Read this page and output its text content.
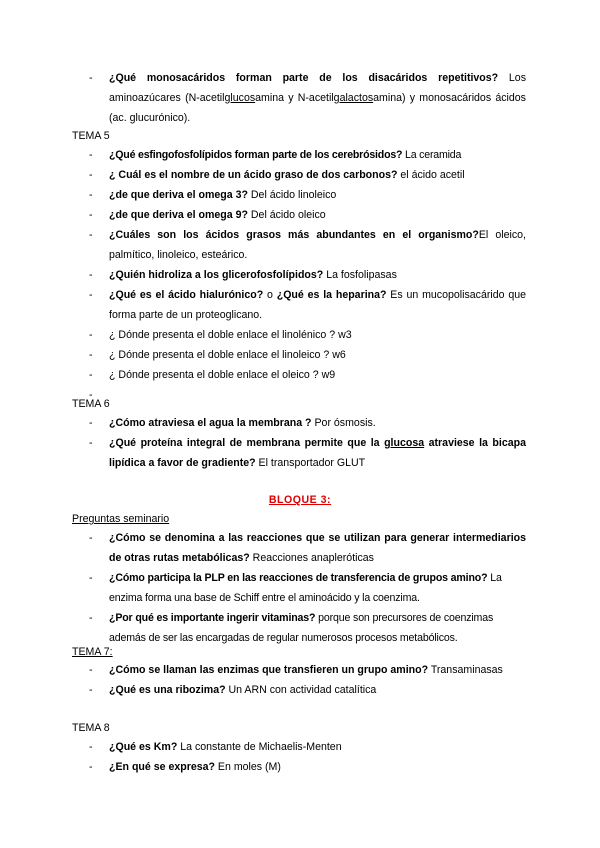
- ¿Qué monosacáridos forman parte de los disacáridos repetitivos? Los aminoazúcares (N-acetilglucosamina y N-acetilgalactosamina) y monosacáridos ácidos (ac. glucurónico).
TEMA 5
- ¿Qué esfingofosfolípidos forman parte de los cerebrósidos? La ceramida
- ¿ Cuál es el nombre de un ácido graso de dos carbonos? el ácido acetil
- ¿de que deriva el omega 3? Del ácido linoleico
- ¿de que deriva el omega 9? Del ácido oleico
- ¿Cuáles son los ácidos grasos más abundantes en el organismo?El oleico, palmítico, linoleico, esteárico.
- ¿Quién hidroliza a los glicerofosfolípidos? La fosfolipasas
- ¿Qué es el ácido hialurónico? o ¿Qué es la heparina? Es un mucopolisacárido que forma parte de un proteoglicano.
- ¿ Dónde presenta el doble enlace el linolénico ? w3
- ¿ Dónde presenta el doble enlace el linoleico ? w6
- ¿ Dónde presenta el doble enlace el oleico ? w9
-

TEMA 6
- ¿Cómo atraviesa el agua la membrana ? Por ósmosis.
- ¿Qué proteína integral de membrana permite que la glucosa atraviese la bicapa lipídica a favor de gradiente? El transportador GLUT
BLOQUE 3:
Preguntas seminario
- ¿Cómo se denomina a las reacciones que se utilizan para generar intermediarios de otras rutas metabólicas? Reacciones anapleróticas
- ¿Cómo participa la PLP en las reacciones de transferencia de grupos amino? La enzima forma una base de Schiff entre el aminoácido y la coenzima.
- ¿Por qué es importante ingerir vitaminas? porque son precursores de coenzimas además de ser las encargadas de regular numerosos procesos metabólicos.
TEMA 7:
- ¿Cómo se llaman las enzimas que transfieren un grupo amino? Transaminasas
- ¿Qué es una ribozima? Un ARN con actividad catalítica
TEMA 8
- ¿Qué es Km? La constante de Michaelis-Menten
- ¿En qué se expresa? En moles (M)
